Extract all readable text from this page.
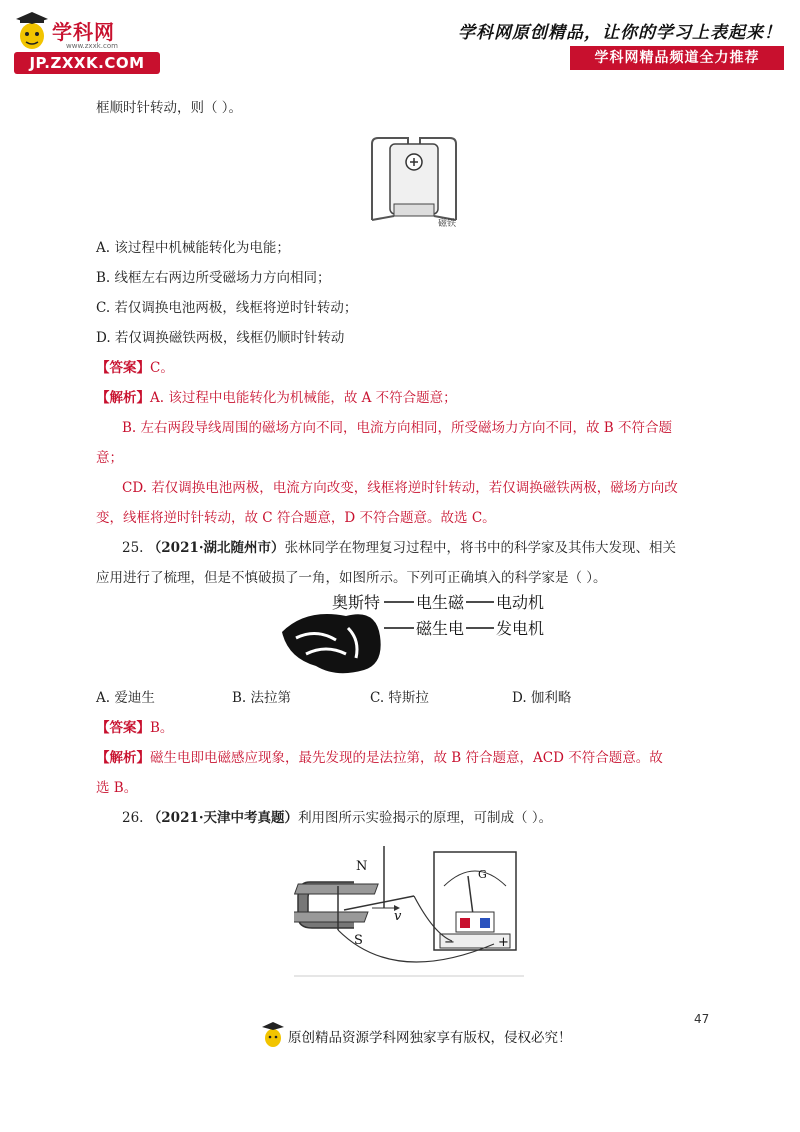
学科网
www.zxxk.com
JP.ZXXK.COM
学科网原创精品，让你的学习上表起来！
学科网精品频道全力推荐
框顺时针转动，则（ ）。
磁铁
A. 该过程中机械能转化为电能；
B. 线框左右两边所受磁场力方向相同；
C. 若仅调换电池两极，线框将逆时针转动；
D. 若仅调换磁铁两极，线框仍顺时针转动
【答案】C。
【解析】A. 该过程中电能转化为机械能，故 A 不符合题意；
B. 左右两段导线周围的磁场方向不同，电流方向相同，所受磁场力方向不同，故 B 不符合题
意；
CD. 若仅调换电池两极，电流方向改变，线框将逆时针转动，若仅调换磁铁两极，磁场方向改
变，线框将逆时针转动，故 C 符合题意，D 不符合题意。故选 C。
25. （2021·湖北随州市）张林同学在物理复习过程中，将书中的科学家及其伟大发现、相关
应用进行了梳理，但是不慎破损了一角，如图所示。下列可正确填入的科学家是（ ）。
奥斯特 电生磁 电动机
磁生电 发电机
A. 爱迪生	B. 法拉第	C. 特斯拉	D. 伽利略
【答案】B。
【解析】磁生电即电磁感应现象，最先发现的是法拉第，故 B 符合题意，ACD 不符合题意。故
选 B。
26. （2021·天津中考真题）利用图所示实验揭示的原理，可制成（ ）。
N
S
v
G
−	+
47
原创精品资源学科网独家享有版权，侵权必究！
